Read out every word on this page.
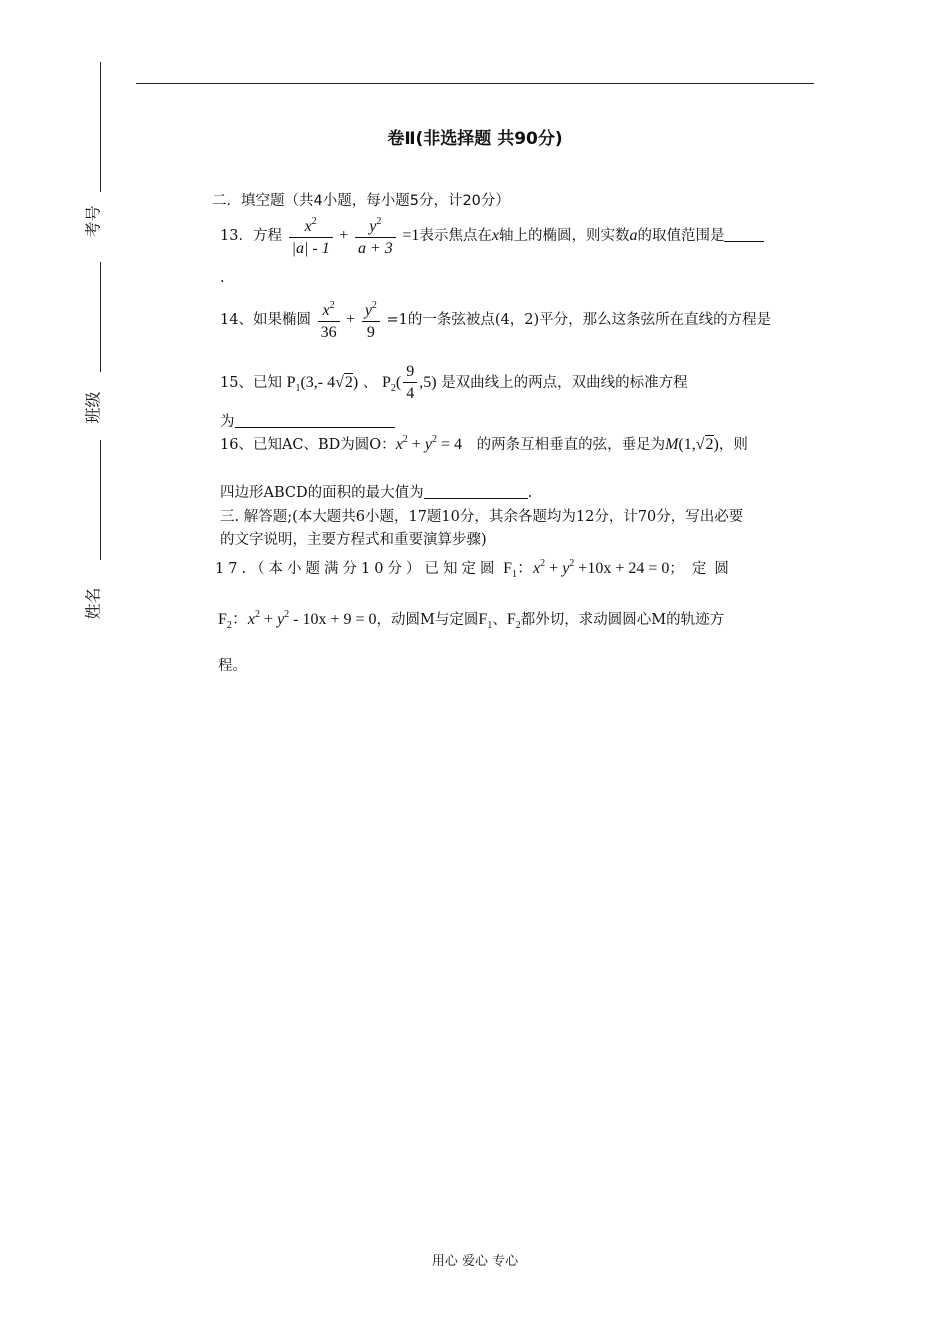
考号
班级
姓名
卷Ⅱ(非选择题 共90分)
二．填空题（共4小题，每小题5分，计20分）
13．方程 $\frac{x^2}{|a| - 1} + \frac{y^2}{a + 3} =1$表示焦点在x轴上的椭圆，则实数a的取值范围是
.
14、如果椭圆 $\frac{x^2}{36} + \frac{y^2}{9} =1$的一条弦被点(4，2)平分，那么这条弦所在直线的方程是
15、已知 $P_1(3,-$ 4√2) 、 $P_2( \frac{9}{4} ,5)$ 是双曲线上的两点，双曲线的标准方程
为
16、已知AC、BD为圆O：$x^2 + y^2 = 4$ 的两条互相垂直的弦，垂足为M(1,√2)，则
四边形ABCD的面积的最大值为	.
三. 解答题;(本大题共6小题，17题10分，其余各题均为12分，计70分，写出必要
的文字说明，主要方程式和重要演算步骤)
17.（本小题满分10分）已知定圆 $F_1$：$x^2 + y^2 +10x + 24 = 0$；定圆
$F_2$：$x^2 + y^2 - 10x + 9 = 0$，动圆M与定圆$F_1$、$F_2$都外切，求动圆圆心M的轨迹方
程。
用心 爱心 专心
